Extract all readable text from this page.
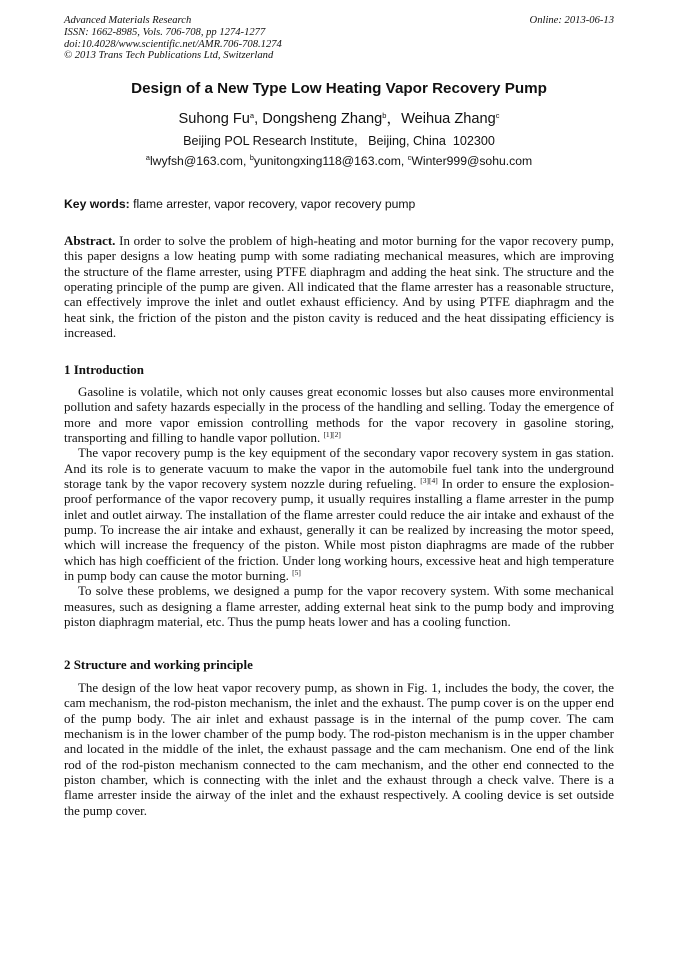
Advanced Materials Research
ISSN: 1662-8985, Vols. 706-708, pp 1274-1277
doi:10.4028/www.scientific.net/AMR.706-708.1274
© 2013 Trans Tech Publications Ltd, Switzerland
Online: 2013-06-13
Design of a New Type Low Heating Vapor Recovery Pump
Suhong Fu$^a$, Dongsheng Zhang$^b$，Weihua Zhang$^c$
Beijing POL Research Institute,   Beijing, China  102300
$^a$lwyfsh@163.com, $^b$yunitongxing118@163.com, $^c$Winter999@sohu.com
Key words: flame arrester, vapor recovery, vapor recovery pump

Abstract. In order to solve the problem of high-heating and motor burning for the vapor recovery pump, this paper designs a low heating pump with some radiating mechanical measures, which are improving the structure of the flame arrester, using PTFE diaphragm and adding the heat sink. The structure and the operating principle of the pump are given. All indicated that the flame arrester has a reasonable structure, can effectively improve the inlet and outlet exhaust efficiency. And by using PTFE diaphragm and the heat sink, the friction of the piston and the piston cavity is reduced and the heat dissipating efficiency is increased.

1 Introduction

Gasoline is volatile, which not only causes great economic losses but also causes more environmental pollution and safety hazards especially in the process of the handling and selling. Today the emergence of more and more vapor emission controlling methods for the vapor recovery in gasoline storing, transporting and filling to handle vapor pollution. [1][2]

The vapor recovery pump is the key equipment of the secondary vapor recovery system in gas station. And its role is to generate vacuum to make the vapor in the automobile fuel tank into the underground storage tank by the vapor recovery system nozzle during refueling. [3][4] In order to ensure the explosion-proof performance of the vapor recovery pump, it usually requires installing a flame arrester in the pump inlet and outlet airway. The installation of the flame arrester could reduce the air intake and exhaust of the pump. To increase the air intake and exhaust, generally it can be realized by increasing the motor speed, which will increase the frequency of the piston. While most piston diaphragms are made of the rubber which has high coefficient of the friction. Under long working hours, excessive heat and high temperature in pump body can cause the motor burning. [5]

To solve these problems, we designed a pump for the vapor recovery system. With some mechanical measures, such as designing a flame arrester, adding external heat sink to the pump body and improving piston diaphragm material, etc. Thus the pump heats lower and has a cooling function.

2 Structure and working principle

The design of the low heat vapor recovery pump, as shown in Fig. 1, includes the body, the cover, the cam mechanism, the rod-piston mechanism, the inlet and the exhaust. The pump cover is on the upper end of the pump body. The air inlet and exhaust passage is in the internal of the pump cover. The cam mechanism is in the lower chamber of the pump body. The rod-piston mechanism is in the upper chamber and located in the middle of the inlet, the exhaust passage and the cam mechanism. One end of the link rod of the rod-piston mechanism connected to the cam mechanism, and the other end connected to the piston chamber, which is connecting with the inlet and the exhaust through a check valve. There is a flame arrester inside the airway of the inlet and the exhaust respectively. A cooling device is set outside the pump cover.
